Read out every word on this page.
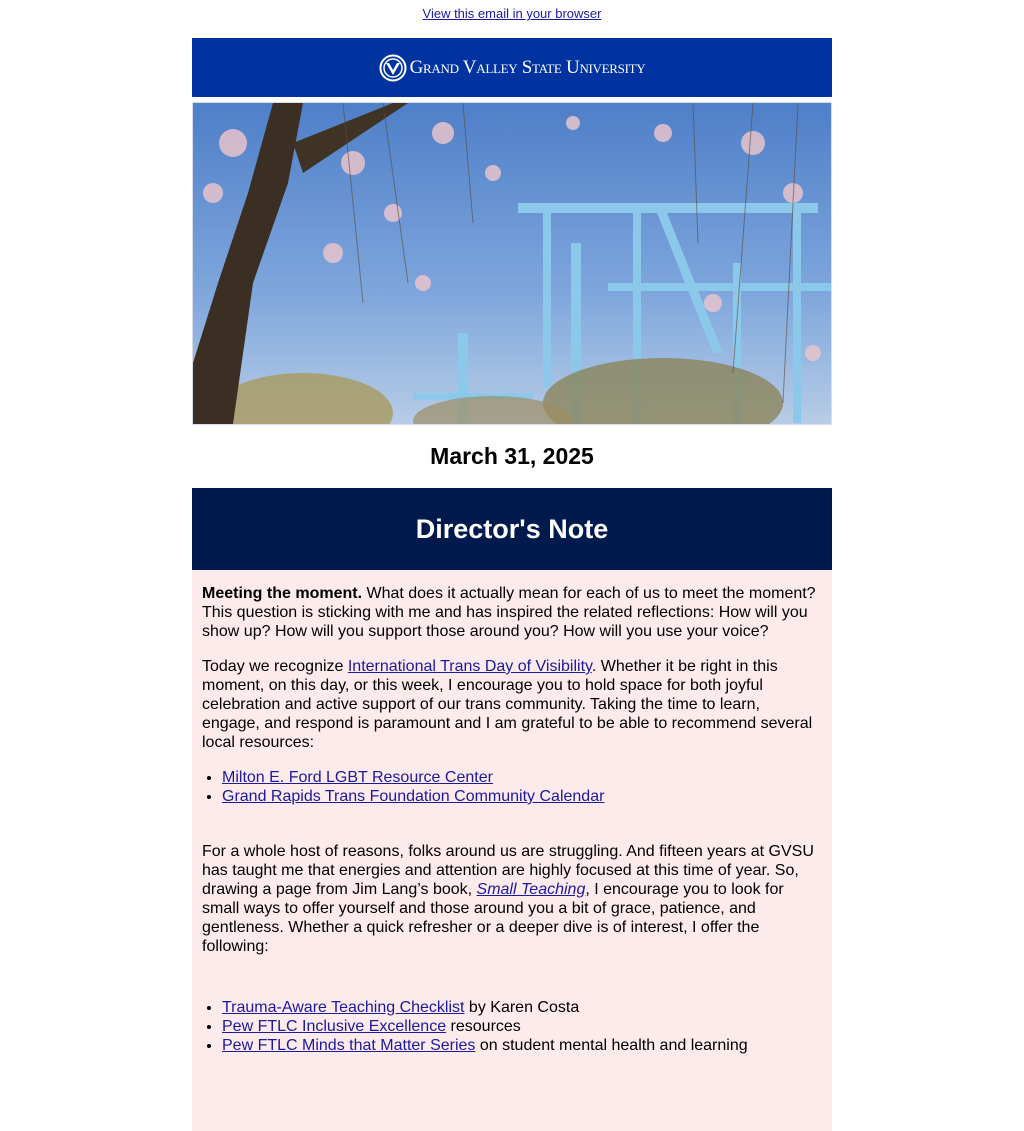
View this email in your browser
Grand Valley State University
March 31, 2025
Director's Note

Meeting the moment. What does it actually mean for each of us to meet the moment? This question is sticking with me and has inspired the related reflections: How will you show up? How will you support those around you? How will you use your voice?

Today we recognize International Trans Day of Visibility. Whether it be right in this moment, on this day, or this week, I encourage you to hold space for both joyful celebration and active support of our trans community. Taking the time to learn, engage, and respond is paramount and I am grateful to be able to recommend several local resources:

• Milton E. Ford LGBT Resource Center
• Grand Rapids Trans Foundation Community Calendar

For a whole host of reasons, folks around us are struggling. And fifteen years at GVSU has taught me that energies and attention are highly focused at this time of year. So, drawing a page from Jim Lang’s book, Small Teaching, I encourage you to look for small ways to offer yourself and those around you a bit of grace, patience, and gentleness. Whether a quick refresher or a deeper dive is of interest, I offer the following:

• Trauma-Aware Teaching Checklist by Karen Costa
• Pew FTLC Inclusive Excellence resources
• Pew FTLC Minds that Matter Series on student mental health and learning
